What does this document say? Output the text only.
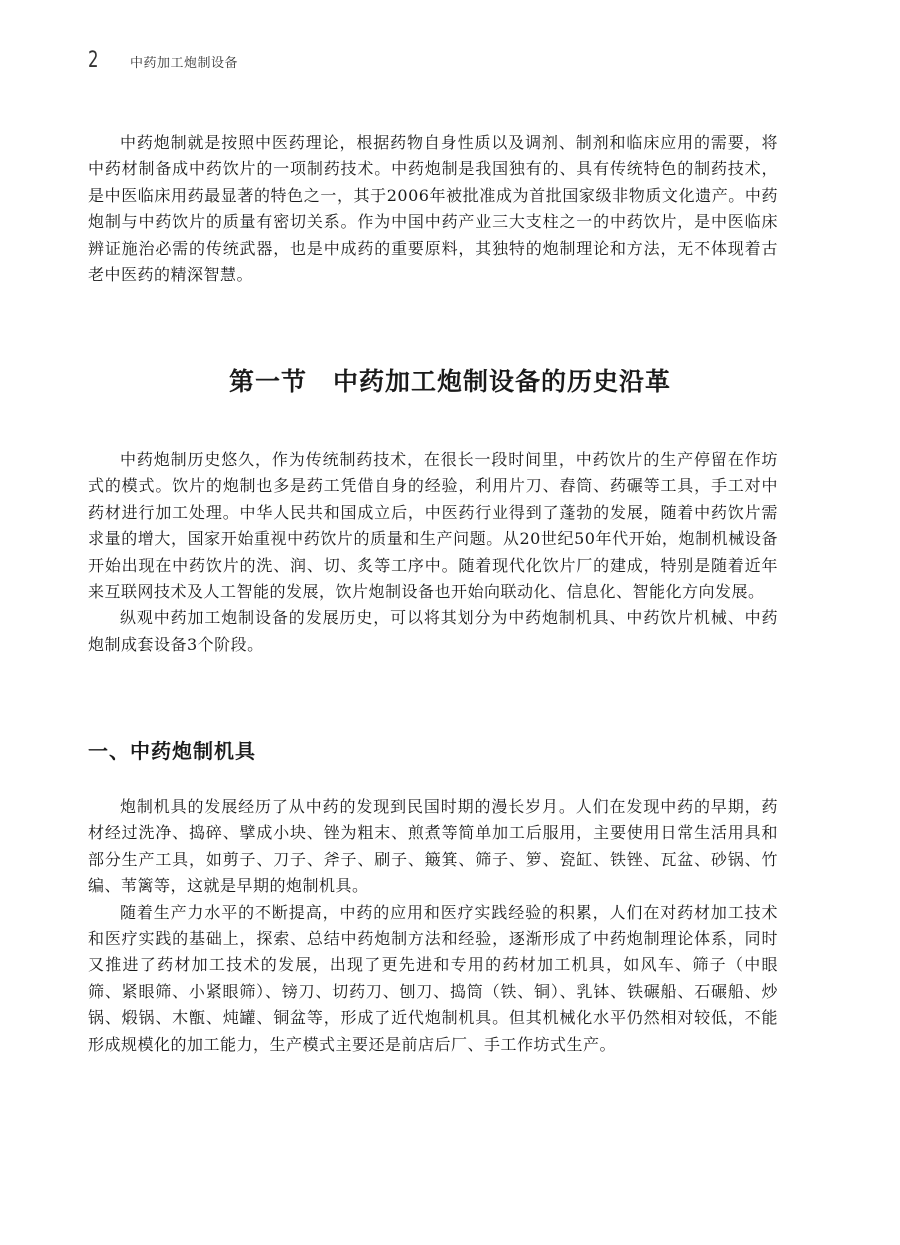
2 中药加工炮制设备

中药炮制就是按照中医药理论，根据药物自身性质以及调剂、制剂和临床应用的需要，将中药材制备成中药饮片的一项制药技术。中药炮制是我国独有的、具有传统特色的制药技术，是中医临床用药最显著的特色之一，其于2006年被批准成为首批国家级非物质文化遗产。中药炮制与中药饮片的质量有密切关系。作为中国中药产业三大支柱之一的中药饮片，是中医临床辨证施治必需的传统武器，也是中成药的重要原料，其独特的炮制理论和方法，无不体现着古老中医药的精深智慧。

第一节　中药加工炮制设备的历史沿革

中药炮制历史悠久，作为传统制药技术，在很长一段时间里，中药饮片的生产停留在作坊式的模式。饮片的炮制也多是药工凭借自身的经验，利用片刀、舂筒、药碾等工具，手工对中药材进行加工处理。中华人民共和国成立后，中医药行业得到了蓬勃的发展，随着中药饮片需求量的增大，国家开始重视中药饮片的质量和生产问题。从20世纪50年代开始，炮制机械设备开始出现在中药饮片的洗、润、切、炙等工序中。随着现代化饮片厂的建成，特别是随着近年来互联网技术及人工智能的发展，饮片炮制设备也开始向联动化、信息化、智能化方向发展。

纵观中药加工炮制设备的发展历史，可以将其划分为中药炮制机具、中药饮片机械、中药炮制成套设备3个阶段。

一、中药炮制机具

炮制机具的发展经历了从中药的发现到民国时期的漫长岁月。人们在发现中药的早期，药材经过洗净、捣碎、擘成小块、锉为粗末、煎煮等简单加工后服用，主要使用日常生活用具和部分生产工具，如剪子、刀子、斧子、刷子、簸箕、筛子、箩、瓷缸、铁锉、瓦盆、砂锅、竹编、苇篱等，这就是早期的炮制机具。

随着生产力水平的不断提高，中药的应用和医疗实践经验的积累，人们在对药材加工技术和医疗实践的基础上，探索、总结中药炮制方法和经验，逐渐形成了中药炮制理论体系，同时又推进了药材加工技术的发展，出现了更先进和专用的药材加工机具，如风车、筛子（中眼筛、紧眼筛、小紧眼筛）、镑刀、切药刀、刨刀、捣筒（铁、铜）、乳钵、铁碾船、石碾船、炒锅、煅锅、木甑、炖罐、铜盆等，形成了近代炮制机具。但其机械化水平仍然相对较低，不能形成规模化的加工能力，生产模式主要还是前店后厂、手工作坊式生产。
